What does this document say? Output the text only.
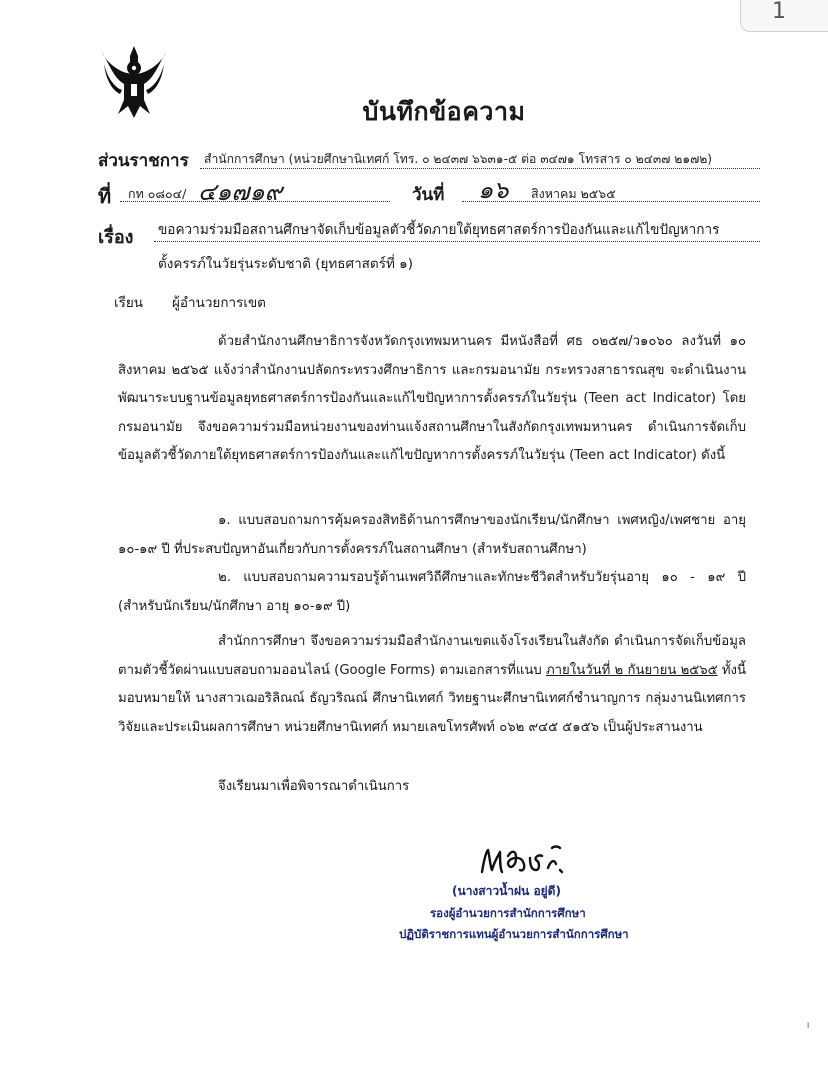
1
บันทึกข้อความ
ส่วนราชการ สำนักการศึกษา (หน่วยศึกษานิเทศก์ โทร. ๐ ๒๔๓๗ ๖๖๓๑-๕ ต่อ ๓๔๗๑ โทรสาร ๐ ๒๔๓๗ ๒๑๗๒)
ที่ กท ๐๘๐๔/ ๔๑๗๑๙	วันที่ ๑๖ สิงหาคม ๒๕๖๕
เรื่อง ขอความร่วมมือสถานศึกษาจัดเก็บข้อมูลตัวชี้วัดภายใต้ยุทธศาสตร์การป้องกันและแก้ไขปัญหาการ
ตั้งครรภ์ในวัยรุ่นระดับชาติ (ยุทธศาสตร์ที่ ๑)
เรียน ผู้อำนวยการเขต

ด้วยสำนักงานศึกษาธิการจังหวัดกรุงเทพมหานคร มีหนังสือที่ ศธ ๐๒๕๗/ว๑๐๖๐ ลงวันที่ ๑๐ สิงหาคม ๒๕๖๕ แจ้งว่าสำนักงานปลัดกระทรวงศึกษาธิการ และกรมอนามัย กระทรวงสาธารณสุข จะดำเนินงานพัฒนาระบบฐานข้อมูลยุทธศาสตร์การป้องกันและแก้ไขปัญหาการตั้งครรภ์ในวัยรุ่น (Teen act Indicator) โดยกรมอนามัย จึงขอความร่วมมือหน่วยงานของท่านแจ้งสถานศึกษาในสังกัดกรุงเทพมหานคร ดำเนินการจัดเก็บข้อมูลตัวชี้วัดภายใต้ยุทธศาสตร์การป้องกันและแก้ไขปัญหาการตั้งครรภ์ในวัยรุ่น (Teen act Indicator) ดังนี้

๑. แบบสอบถามการคุ้มครองสิทธิด้านการศึกษาของนักเรียน/นักศึกษา เพศหญิง/เพศชาย อายุ ๑๐-๑๙ ปี ที่ประสบปัญหาอันเกี่ยวกับการตั้งครรภ์ในสถานศึกษา (สำหรับสถานศึกษา)

๒. แบบสอบถามความรอบรู้ด้านเพศวิถีศึกษาและทักษะชีวิตสำหรับวัยรุ่นอายุ ๑๐ - ๑๙ ปี (สำหรับนักเรียน/นักศึกษา อายุ ๑๐-๑๙ ปี)

สำนักการศึกษา จึงขอความร่วมมือสำนักงานเขตแจ้งโรงเรียนในสังกัด ดำเนินการจัดเก็บข้อมูลตามตัวชี้วัดผ่านแบบสอบถามออนไลน์ (Google Forms) ตามเอกสารที่แนบ ภายในวันที่ ๒ กันยายน ๒๕๖๕ ทั้งนี้มอบหมายให้ นางสาวเฌอริลิณณ์ ธัญวริณณ์ ศึกษานิเทศก์ วิทยฐานะศึกษานิเทศก์ชำนาญการ กลุ่มงานนิเทศการวิจัยและประเมินผลการศึกษา หน่วยศึกษานิเทศก์ หมายเลขโทรศัพท์ ๐๖๒ ๙๔๕ ๕๑๕๖ เป็นผู้ประสานงาน

จึงเรียนมาเพื่อพิจารณาดำเนินการ
(นางสาวน้ำฝน อยู่ดี)
รองผู้อำนวยการสำนักการศึกษา
ปฏิบัติราชการแทนผู้อำนวยการสำนักการศึกษา
।
